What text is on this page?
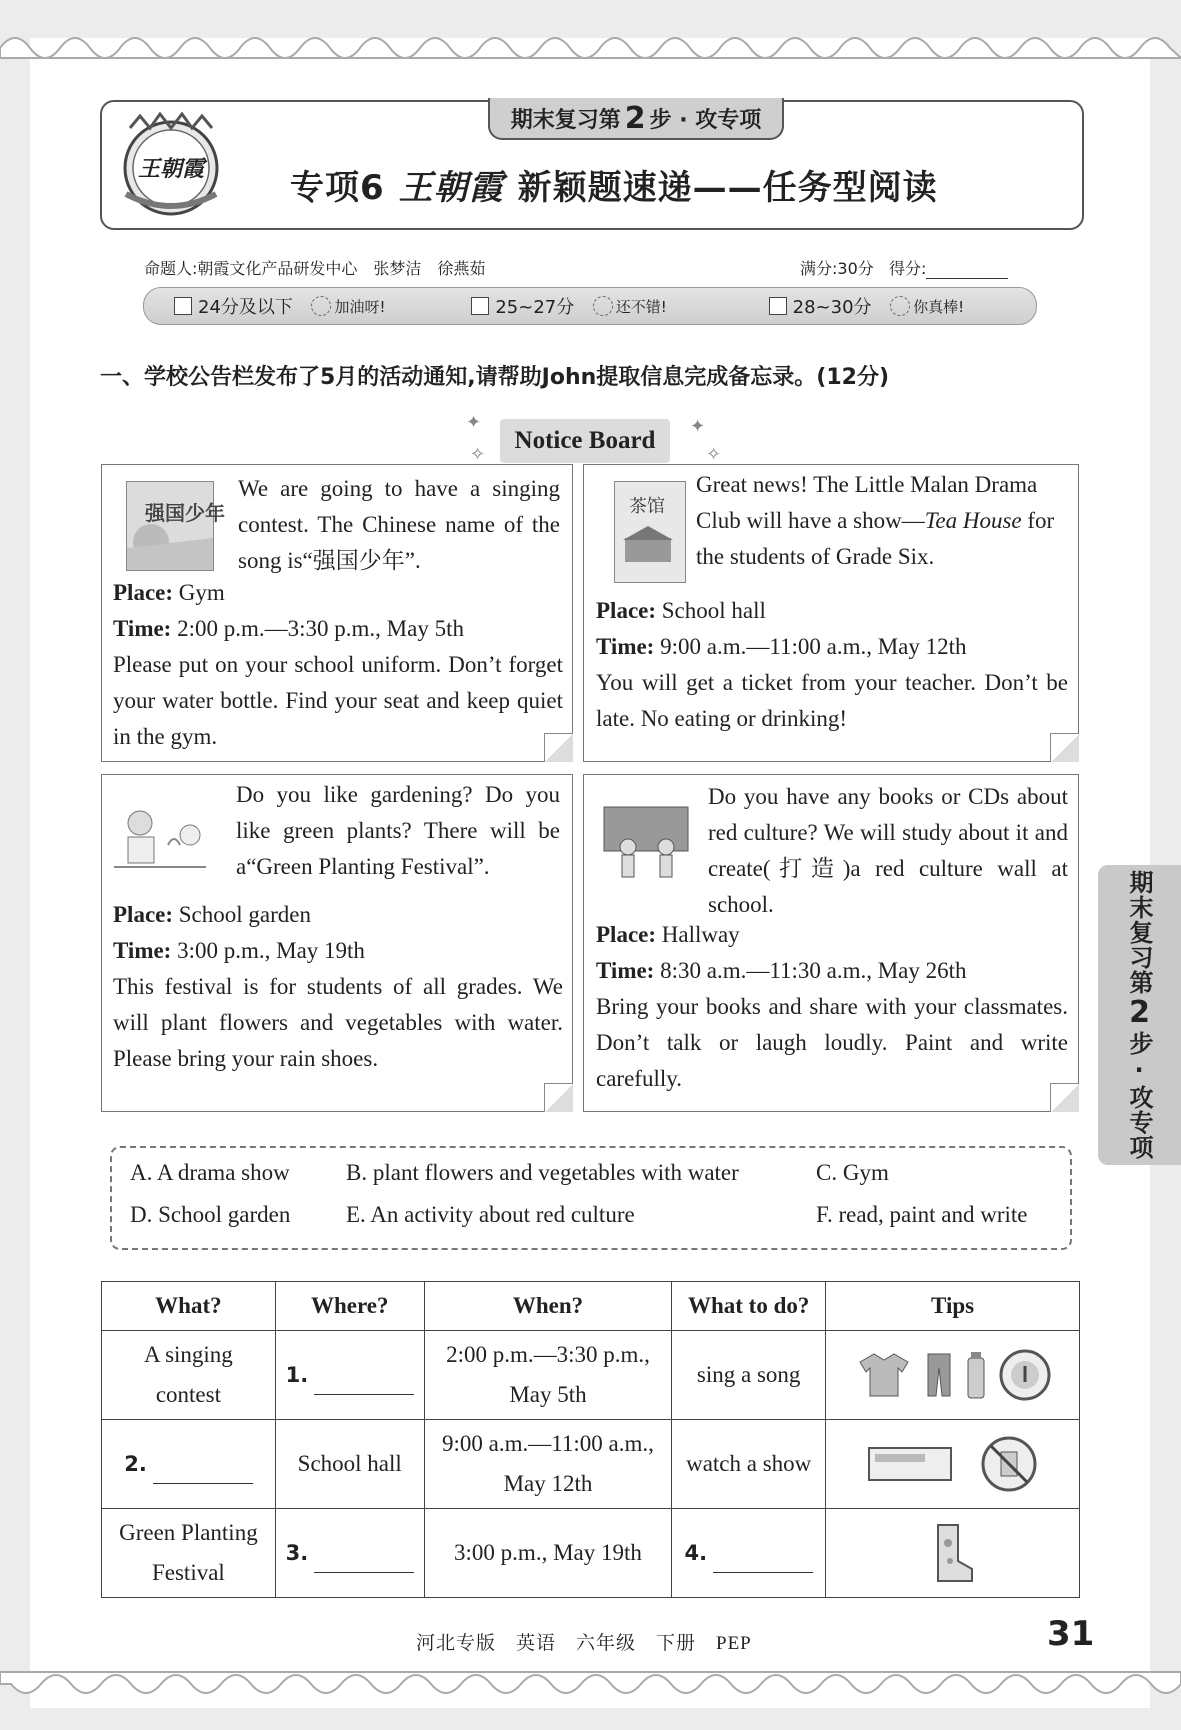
王朝霞
期末复习第 2 步 · 攻专项
专项6 王朝霞 新颖题速递——任务型阅读
命题人:朝霞文化产品研发中心　张梦洁　徐燕茹	满分:30分 得分:
24分及以下
	加油呀!	25~27分
	还不错!	28~30分
	你真棒!
一、学校公告栏发布了5月的活动通知,请帮助John提取信息完成备忘录。(12分)
✦
✧
✦
✧
Notice Board
强国少年

We are going to have a singing contest. The Chinese name of the song is“强国少年”.

Place: Gym

Time: 2:00 p.m.—3:30 p.m., May 5th

Please put on your school uniform. Don’t forget your water bottle. Find your seat and keep quiet in the gym.

茶馆

Great news! The Little Malan Drama Club will have a show—Tea House for the students of Grade Six.

Place: School hall

Time: 9:00 a.m.—11:00 a.m., May 12th

You will get a ticket from your teacher. Don’t be late. No eating or drinking!

Do you like gardening? Do you like green plants? There will be a“Green Planting Festival”.

Place: School garden

Time: 3:00 p.m., May 19th

This festival is for students of all grades. We will plant flowers and vegetables with water. Please bring your rain shoes.

Do you have any books or CDs about red culture? We will study about it and create(打造)a red culture wall at school.

Place: Hallway

Time: 8:30 a.m.—11:30 a.m., May 26th

Bring your books and share with your classmates. Don’t talk or laugh loudly. Paint and write carefully.

A. A drama show B. plant flowers and vegetables with water	C. Gym
D. School garden E. An activity about red culture	F. read, paint and write
What?	Where?	When?	What to do?	Tips
A singing contest	1.	2:00 p.m.—3:30 p.m., May 5th	sing a song	

2.	School hall	9:00 a.m.—11:00 a.m., May 12th	watch a show	

Green Planting Festival	3.	3:00 p.m., May 19th	4.	
期末复习第
2
步·攻专项
河北专版　英语　六年级　下册　PEP	31
